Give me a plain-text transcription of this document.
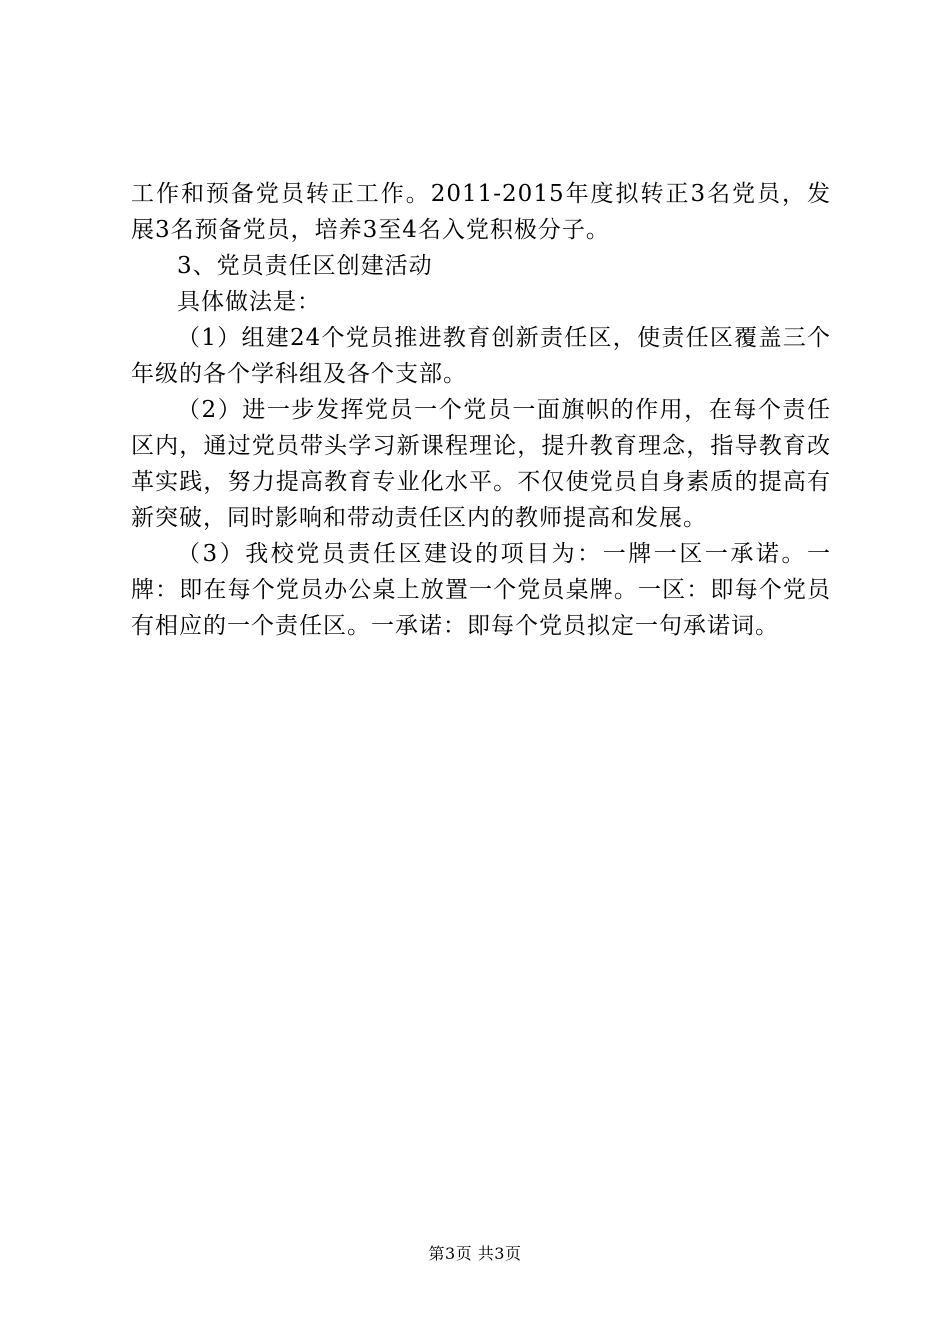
工作和预备党员转正工作。2011-2015年度拟转正3名党员，发展3名预备党员，培养3至4名入党积极分子。

3、党员责任区创建活动

具体做法是：

（1）组建24个党员推进教育创新责任区，使责任区覆盖三个年级的各个学科组及各个支部。

（2）进一步发挥党员一个党员一面旗帜的作用，在每个责任区内，通过党员带头学习新课程理论，提升教育理念，指导教育改革实践，努力提高教育专业化水平。不仅使党员自身素质的提高有新突破，同时影响和带动责任区内的教师提高和发展。

（3）我校党员责任区建设的项目为：一牌一区一承诺。一牌：即在每个党员办公桌上放置一个党员桌牌。一区：即每个党员有相应的一个责任区。一承诺：即每个党员拟定一句承诺词。

第3页 共3页
